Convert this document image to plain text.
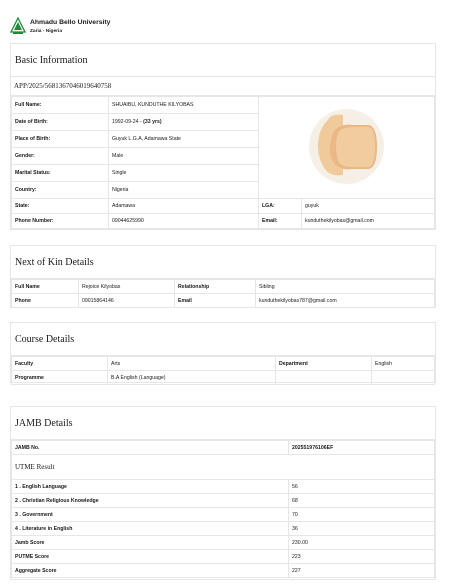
Ahmadu Bello University
Zaria - Nigeria
Basic Information
APP/2025/5681367046019640758
Full Name:	SHUAIBU, KUNDUTHE KILYOBAS	
Date of Birth:	1992-09-24 - (33 yrs)		
Place of Birth:	Guyuk L.G.A, Adamawa State		
Gender:	Male		
Marital Status:	Single		
Country:	Nigeria		
State:	Adamawa	LGA:	guyuk
Phone Number:	09044625990	Email:	kunduthekilyobas@gmail.com
Next of Kin Details
Full Name	Rejoice Kilyobas	Relationship	Sibling
Phone	09015864146	Email	kunduthekilyobas787@gmail.com
Course Details
Faculty	Arts	Department	English
Programme	B.A English (Language)		
JAMB Details
JAMB No.	202551976106EF
UTME Result	
1 . English Language	56
2 . Christian Religious Knowledge	68
3 . Government	70
4 . Literature in English	36
Jamb Score	230.00
PUTME Score	223
Aggregate Score	227
